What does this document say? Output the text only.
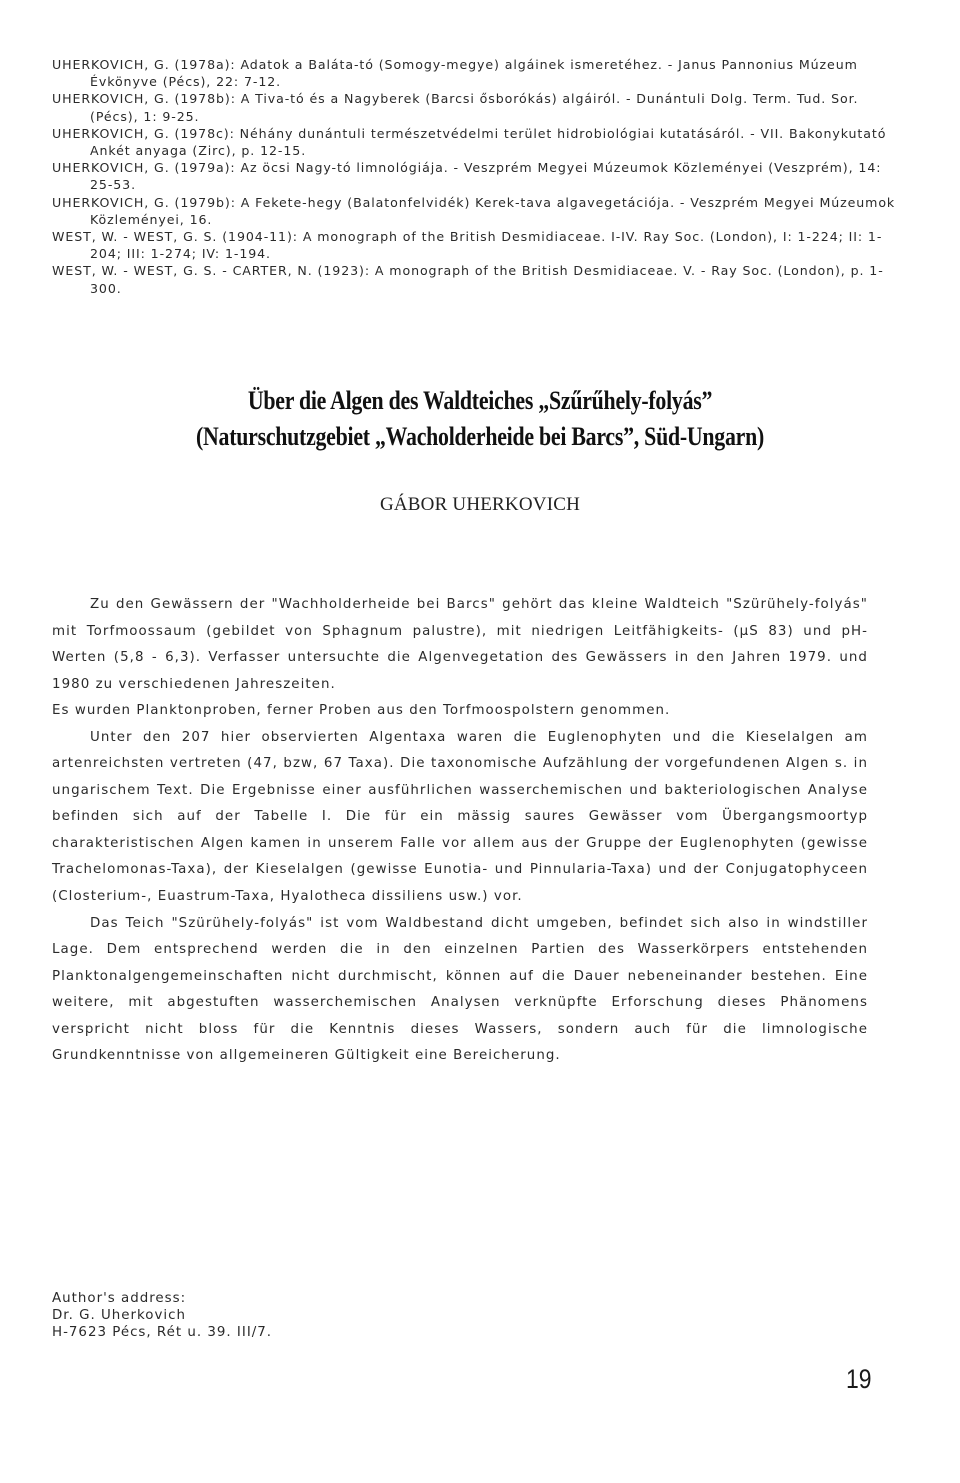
UHERKOVICH, G. (1978a): Adatok a Baláta-tó (Somogy-megye) algáinek ismeretéhez. - Janus Pannonius Múzeum Évkönyve (Pécs), 22: 7-12.

UHERKOVICH, G. (1978b): A Tiva-tó és a Nagyberek (Barcsi ősborókás) algáiról. - Dunántuli Dolg. Term. Tud. Sor. (Pécs), 1: 9-25.

UHERKOVICH, G. (1978c): Néhány dunántuli természetvédelmi terület hidrobiológiai kutatásáról. - VII. Bakonykutató Ankét anyaga (Zirc), p. 12-15.

UHERKOVICH, G. (1979a): Az öcsi Nagy-tó limnológiája. - Veszprém Megyei Múzeumok Közleményei (Veszprém), 14: 25-53.

UHERKOVICH, G. (1979b): A Fekete-hegy (Balatonfelvidék) Kerek-tava algavegetációja. - Veszprém Megyei Múzeumok Közleményei, 16.

WEST, W. - WEST, G. S. (1904-11): A monograph of the British Desmidiaceae. I-IV. Ray Soc. (London), I: 1-224; II: 1-204; III: 1-274; IV: 1-194.

WEST, W. - WEST, G. S. - CARTER, N. (1923): A monograph of the British Desmidiaceae. V. - Ray Soc. (London), p. 1-300.

Über die Algen des Waldteiches „Szűrűhely-folyás”
(Naturschutzgebiet „Wacholderheide bei Barcs”, Süd-Ungarn)
GÁBOR UHERKOVICH

Zu den Gewässern der "Wachholderheide bei Barcs" gehört das kleine Waldteich "Szürühely-folyás" mit Torfmoossaum (gebildet von Sphagnum palustre), mit niedrigen Leitfähigkeits- (µS 83) und pH-Werten (5,8 - 6,3). Verfasser untersuchte die Algenvegetation des Gewässers in den Jahren 1979. und 1980 zu verschiedenen Jahreszeiten.

Es wurden Planktonproben, ferner Proben aus den Torfmoospolstern genommen.

Unter den 207 hier observierten Algentaxa waren die Euglenophyten und die Kieselalgen am artenreichsten vertreten (47, bzw, 67 Taxa). Die taxonomische Aufzählung der vorgefundenen Algen s. in ungarischem Text. Die Ergebnisse einer ausführlichen wasserchemischen und bakteriologischen Analyse befinden sich auf der Tabelle I. Die für ein mässig saures Gewässer vom Übergangsmoortyp charakteristischen Algen kamen in unserem Falle vor allem aus der Gruppe der Euglenophyten (gewisse Trachelomonas-Taxa), der Kieselalgen (gewisse Eunotia- und Pinnularia-Taxa) und der Conjugatophyceen (Closterium-, Euastrum-Taxa, Hyalotheca dissiliens usw.) vor.

Das Teich "Szürühely-folyás" ist vom Waldbestand dicht umgeben, befindet sich also in windstiller Lage. Dem entsprechend werden die in den einzelnen Partien des Wasserkörpers entstehenden Planktonalgengemeinschaften nicht durchmischt, können auf die Dauer nebeneinander bestehen. Eine weitere, mit abgestuften wasserchemischen Analysen verknüpfte Erforschung dieses Phänomens verspricht nicht bloss für die Kenntnis dieses Wassers, sondern auch für die limnologische Grundkenntnisse von allgemeineren Gültigkeit eine Bereicherung.

Author's address:
Dr. G. Uherkovich
H-7623 Pécs, Rét u. 39. III/7.
19
